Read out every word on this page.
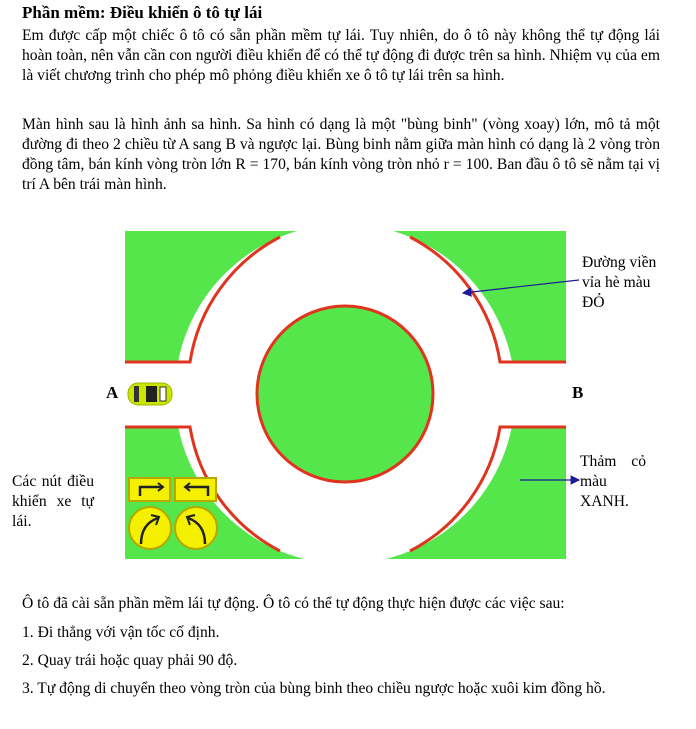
Phần mềm: Điều khiển ô tô tự lái

Em được cấp một chiếc ô tô có sẵn phần mềm tự lái. Tuy nhiên, do ô tô này không thể tự động lái hoàn toàn, nên vẫn cần con người điều khiển để có thể tự động đi được trên sa hình. Nhiệm vụ của em là viết chương trình cho phép mô phỏng điều khiển xe ô tô tự lái trên sa hình.

Màn hình sau là hình ảnh sa hình. Sa hình có dạng là một "bùng binh" (vòng xoay) lớn, mô tả một đường đi theo 2 chiều từ A sang B và ngược lại. Bùng binh nằm giữa màn hình có dạng là 2 vòng tròn đồng tâm, bán kính vòng tròn lớn R = 170, bán kính vòng tròn nhỏ r = 100. Ban đầu ô tô sẽ nằm tại vị trí A bên trái màn hình.

A	B
Đường viền vỉa hè màu ĐỎ
Thảm cỏ màu XANH.
Các nút điều khiển xe tự lái.

Ô tô đã cài sẵn phần mềm lái tự động. Ô tô có thể tự động thực hiện được các việc sau:

1. Đi thẳng với vận tốc cố định.

2. Quay trái hoặc quay phải 90 độ.

3. Tự động di chuyển theo vòng tròn của bùng binh theo chiều ngược hoặc xuôi kim đồng hồ.
